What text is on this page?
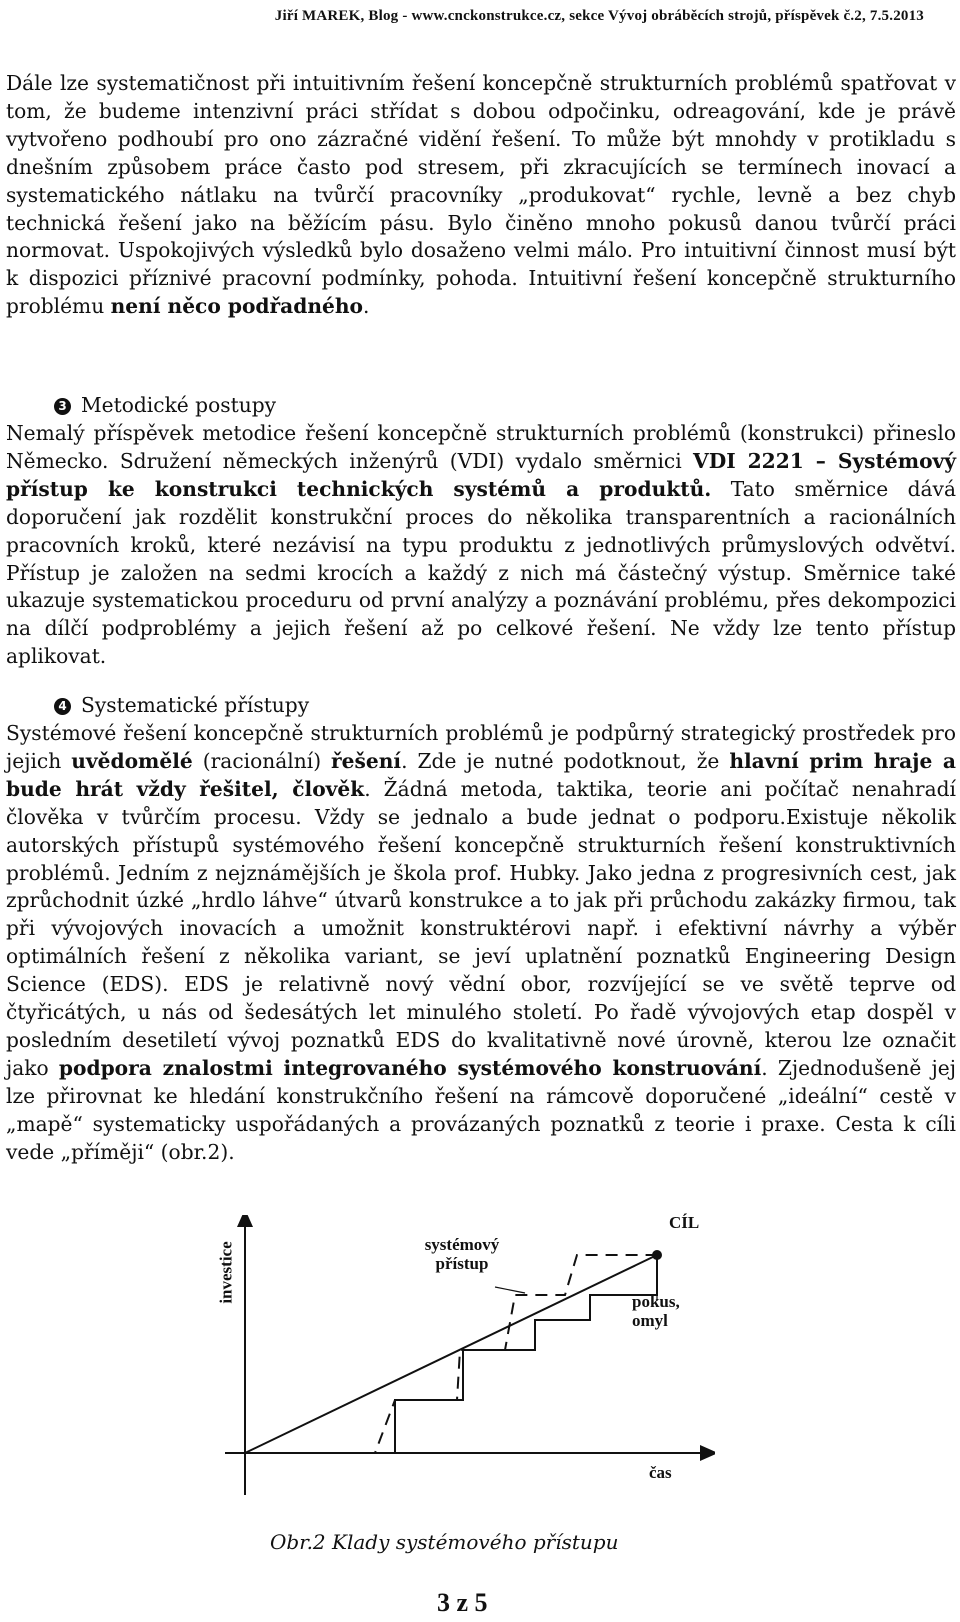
Jiří MAREK, Blog - www.cnckonstrukce.cz, sekce Vývoj obráběcích strojů, příspěvek č.2, 7.5.2013

Dále lze systematičnost při intuitivním řešení koncepčně strukturních problémů spatřovat v tom, že budeme intenzivní práci střídat s dobou odpočinku, odreagování, kde je právě vytvořeno podhoubí pro ono zázračné vidění řešení. To může být mnohdy v protikladu s dnešním způsobem práce často pod stresem, při zkracujících se termínech inovací a systematického nátlaku na tvůrčí pracovníky „produkovat“ rychle, levně a bez chyb technická řešení jako na běžícím pásu. Bylo činěno mnoho pokusů danou tvůrčí práci normovat. Uspokojivých výsledků bylo dosaženo velmi málo. Pro intuitivní činnost musí být k dispozici příznivé pracovní podmínky, pohoda. Intuitivní řešení koncepčně strukturního problému není něco podřadného.

3 Metodické postupy

Nemalý příspěvek metodice řešení koncepčně strukturních problémů (konstrukci) přineslo Německo. Sdružení německých inženýrů (VDI) vydalo směrnici VDI 2221 – Systémový přístup ke konstrukci technických systémů a produktů. Tato směrnice dává doporučení jak rozdělit konstrukční proces do několika transparentních a racionálních pracovních kroků, které nezávisí na typu produktu z jednotlivých průmyslových odvětví. Přístup je založen na sedmi krocích a každý z nich má částečný výstup. Směrnice také ukazuje systematickou proceduru od první analýzy a poznávání problému, přes dekompozici na dílčí podproblémy a jejich řešení až po celkové řešení. Ne vždy lze tento přístup aplikovat.

4 Systematické přístupy

Systémové řešení koncepčně strukturních problémů je podpůrný strategický prostředek pro jejich uvědomělé (racionální) řešení. Zde je nutné podotknout, že hlavní prim hraje a bude hrát vždy řešitel, člověk. Žádná metoda, taktika, teorie ani počítač nenahradí člověka v tvůrčím procesu. Vždy se jednalo a bude jednat o podporu.Existuje několik autorských přístupů systémového řešení koncepčně strukturních řešení konstruktivních problémů. Jedním z nejznámějších je škola prof. Hubky. Jako jedna z progresivních cest, jak zprůchodnit úzké „hrdlo láhve“ útvarů konstrukce a to jak při průchodu zakázky firmou, tak při vývojových inovacích a umožnit konstruktérovi např. i efektivní návrhy a výběr optimálních řešení z několika variant, se jeví uplatnění poznatků Engineering Design Science (EDS). EDS je relativně nový vědní obor, rozvíjející se ve světě teprve od čtyřicátých, u nás od šedesátých let minulého století. Po řadě vývojových etap dospěl v posledním desetiletí vývoj poznatků EDS do kvalitativně nové úrovně, kterou lze označit jako podpora znalostmi integrovaného systémového konstruování. Zjednodušeně jej lze přirovnat ke hledání konstrukčního řešení na rámcově doporučené „ideální“ cestě v „mapě“ systematicky uspořádaných a provázaných poznatků z teorie i praxe. Cesta k cíli vede „příměji“ (obr.2).

investice	systémový přístup
CÍL
pokus, omyl
čas
Obr.2 Klady systémového přístupu
3 z 5
